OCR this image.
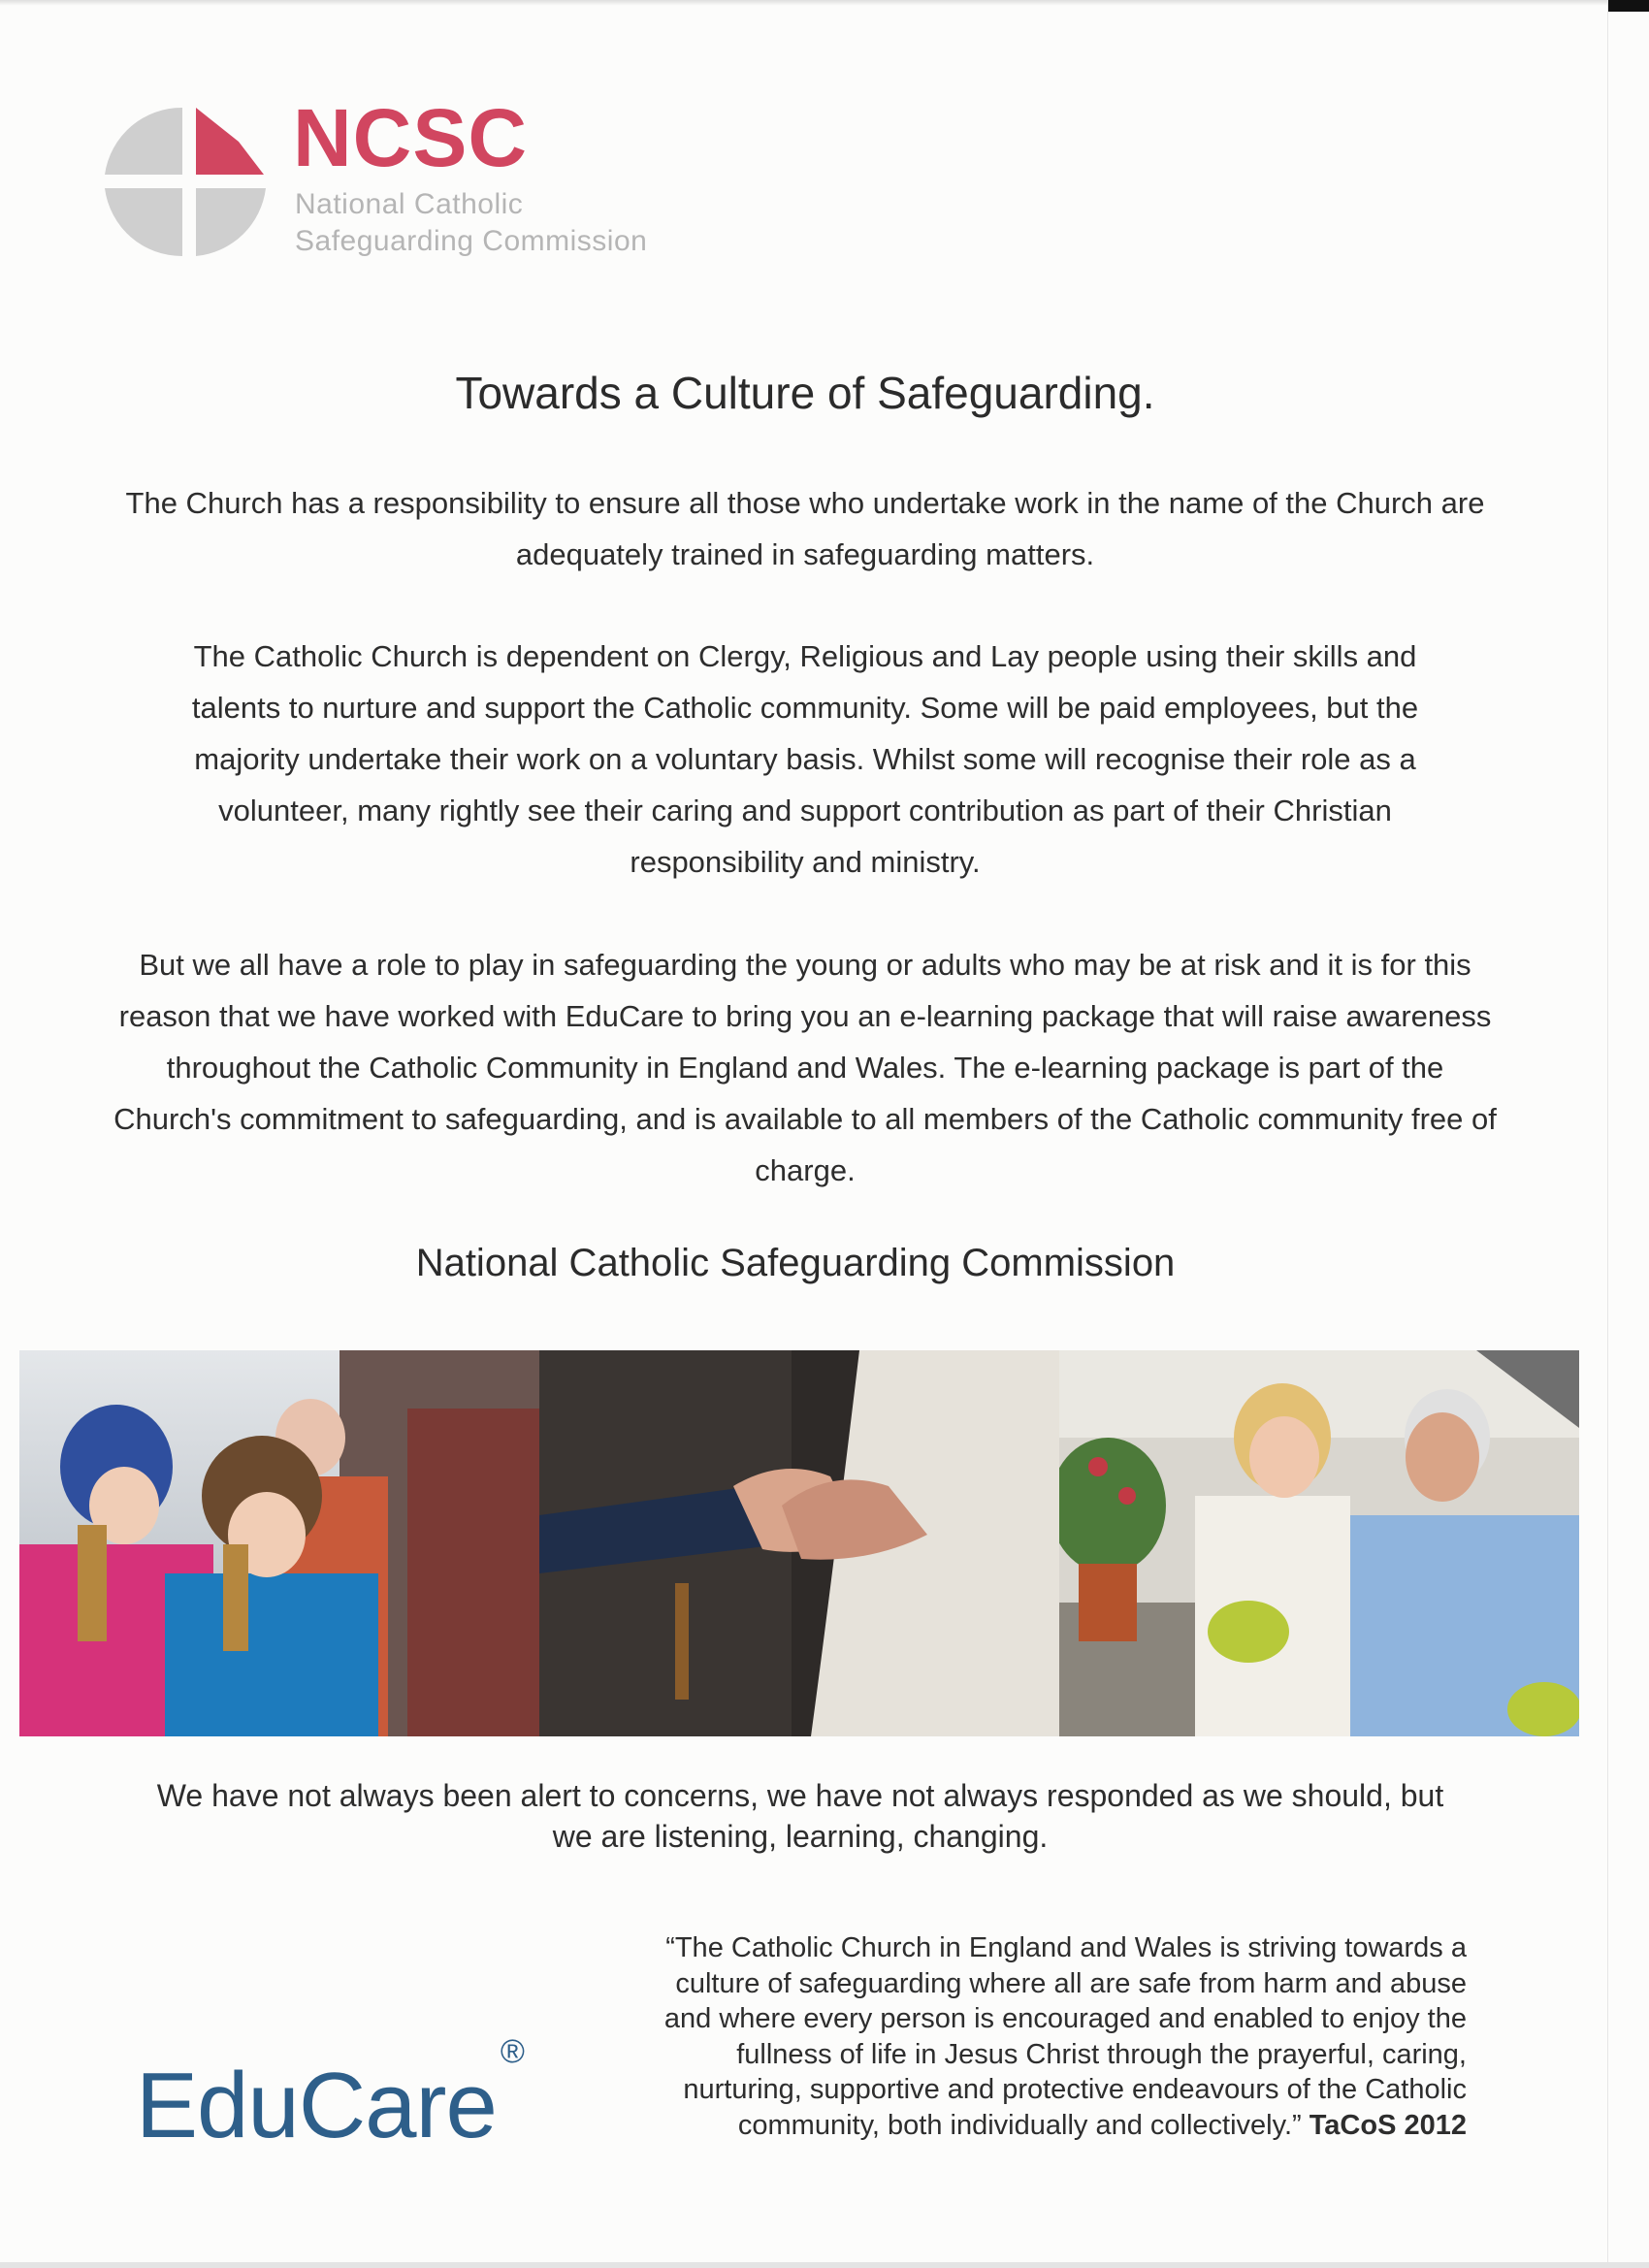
NCSC
National Catholic
Safeguarding Commission
Towards a Culture of Safeguarding.
The Church has a responsibility to ensure all those who undertake work in the name of the Church are adequately trained in safeguarding matters.
The Catholic Church is dependent on Clergy, Religious and Lay people using their skills and talents to nurture and support the Catholic community. Some will be paid employees, but the majority undertake their work on a voluntary basis. Whilst some will recognise their role as a volunteer, many rightly see their caring and support contribution as part of their Christian responsibility and ministry.
But we all have a role to play in safeguarding the young or adults who may be at risk and it is for this reason that we have worked with EduCare to bring you an e-learning package that will raise awareness throughout the Catholic Community in England and Wales. The e-learning package is part of the Church's commitment to safeguarding, and is available to all members of the Catholic community free of charge.
National Catholic Safeguarding Commission
We have not always been alert to concerns, we have not always responded as we should, but we are listening, learning, changing.
EduCare®
“The Catholic Church in England and Wales is striving towards a culture of safeguarding where all are safe from harm and abuse and where every person is encouraged and enabled to enjoy the fullness of life in Jesus Christ through the prayerful, caring, nurturing, supportive and protective endeavours of the Catholic community, both individually and collectively.” TaCoS 2012
